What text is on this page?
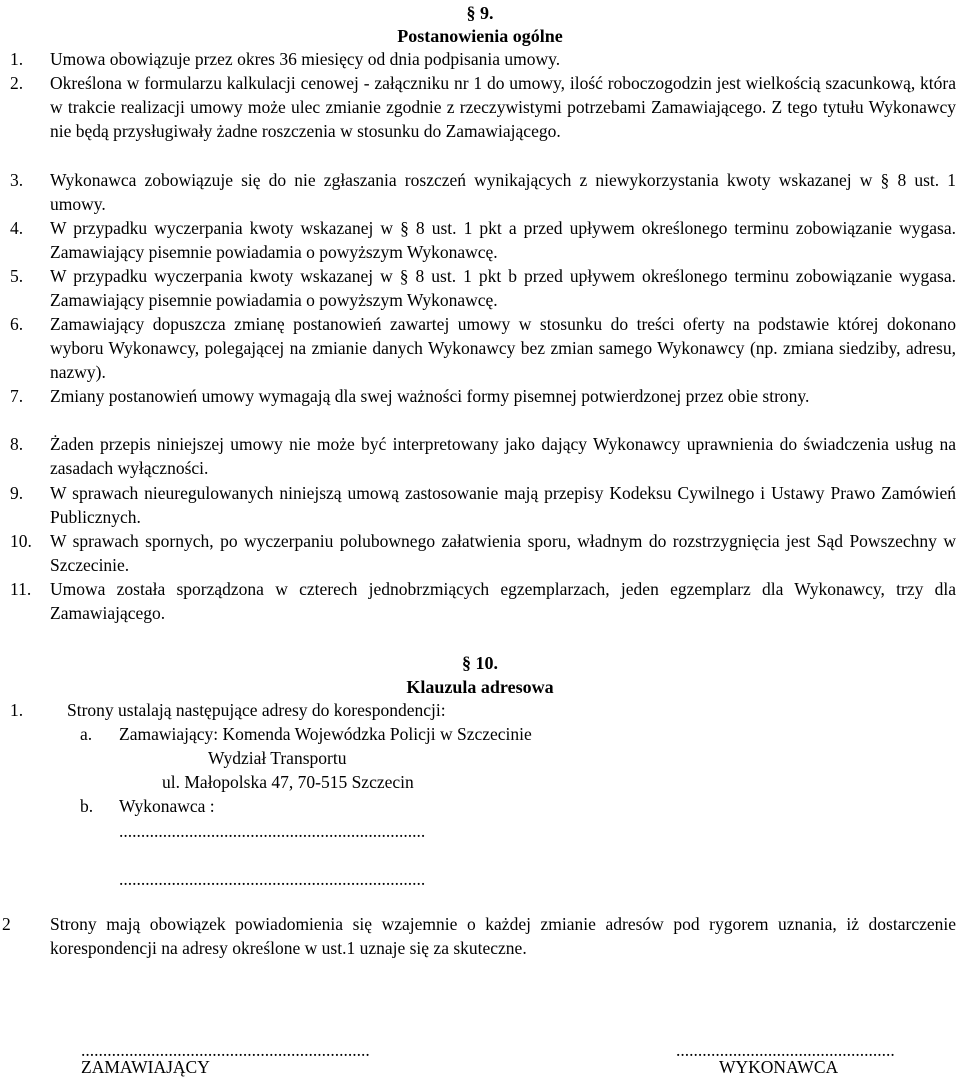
§ 9.
Postanowienia ogólne
1. Umowa obowiązuje przez okres 36 miesięcy od dnia podpisania umowy.
2. Określona w formularzu kalkulacji cenowej - załączniku nr 1 do umowy, ilość roboczogodzin jest wielkością szacunkową, która w trakcie realizacji umowy może ulec zmianie zgodnie z rzeczywistymi potrzebami Zamawiającego. Z tego tytułu Wykonawcy nie będą przysługiwały żadne roszczenia w stosunku do Zamawiającego.
3. Wykonawca zobowiązuje się do nie zgłaszania roszczeń wynikających z niewykorzystania kwoty wskazanej w § 8 ust. 1 umowy.
4. W przypadku wyczerpania kwoty wskazanej w § 8 ust. 1 pkt a przed upływem określonego terminu zobowiązanie wygasa. Zamawiający pisemnie powiadamia o powyższym Wykonawcę.
5. W przypadku wyczerpania kwoty wskazanej w § 8 ust. 1 pkt b przed upływem określonego terminu zobowiązanie wygasa. Zamawiający pisemnie powiadamia o powyższym Wykonawcę.
6. Zamawiający dopuszcza zmianę postanowień zawartej umowy w stosunku do treści oferty na podstawie której dokonano wyboru Wykonawcy, polegającej na zmianie danych Wykonawcy bez zmian samego Wykonawcy (np. zmiana siedziby, adresu, nazwy).
7. Zmiany postanowień umowy wymagają dla swej ważności formy pisemnej potwierdzonej przez obie strony.
8. Żaden przepis niniejszej umowy nie może być interpretowany jako dający Wykonawcy uprawnienia do świadczenia usług na zasadach wyłączności.
9. W sprawach nieuregulowanych niniejszą umową zastosowanie mają przepisy Kodeksu Cywilnego i Ustawy Prawo Zamówień Publicznych.
10. W sprawach spornych, po wyczerpaniu polubownego załatwienia sporu, władnym do rozstrzygnięcia jest Sąd Powszechny w Szczecinie.
11. Umowa została sporządzona w czterech jednobrzmiących egzemplarzach, jeden egzemplarz dla Wykonawcy, trzy dla Zamawiającego.
§ 10.
Klauzula adresowa
1.	Strony ustalają następujące adresy do korespondencji:
a. Zamawiający: Komenda Wojewódzka Policji w Szczecinie
Wydział Transportu
ul. Małopolska 47, 70-515 Szczecin
b. Wykonawca :
......................................................................
......................................................................
2 Strony mają obowiązek powiadomienia się wzajemnie o każdej zmianie adresów pod rygorem uznania, iż dostarczenie korespondencji na adresy określone w ust.1 uznaje się za skuteczne.
..................................................................
ZAMAWIAJĄCY
..................................................
WYKONAWCA
